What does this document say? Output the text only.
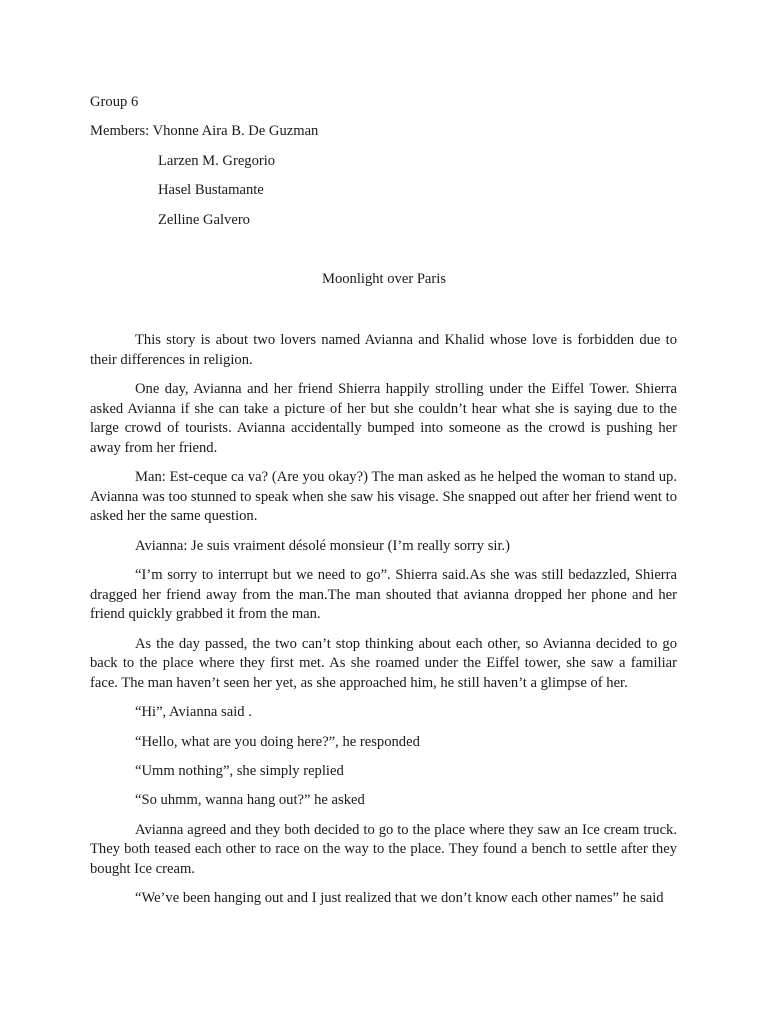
Group 6

Members: Vhonne Aira B. De Guzman

Larzen M. Gregorio

Hasel Bustamante

Zelline Galvero

Moonlight over Paris

This story is about two lovers named Avianna and Khalid whose love is forbidden due to their differences in religion.

One day, Avianna and her friend Shierra happily strolling under the Eiffel Tower. Shierra asked Avianna if she can take a picture of her but she couldn’t hear what she is saying due to the large crowd of tourists. Avianna accidentally bumped into someone as the crowd is pushing her away from her friend.

Man: Est-ceque ca va? (Are you okay?) The man asked as he helped the woman to stand up. Avianna was too stunned to speak when she saw his visage. She snapped out after her friend went to asked her the same question.

Avianna: Je suis vraiment désolé monsieur (I’m really sorry sir.)

“I’m sorry to interrupt but we need to go”. Shierra said.As she was still bedazzled, Shierra dragged her friend away from the man.The man shouted that avianna dropped her phone and her friend quickly grabbed it from the man.

As the day passed, the two can’t stop thinking about each other, so Avianna decided to go back to the place where they first met. As she roamed under the Eiffel tower, she saw a familiar face. The man haven’t seen her yet, as she approached him, he still haven’t a glimpse of her.

“Hi”, Avianna said .

“Hello, what are you doing here?”, he responded

“Umm nothing”, she simply replied

“So uhmm, wanna hang out?” he asked

Avianna agreed and they both decided to go to the place where they saw an Ice cream truck. They both teased each other to race on the way to the place. They found a bench to settle after they bought Ice cream.

“We’ve been hanging out and I just realized that we don’t know each other names” he said
